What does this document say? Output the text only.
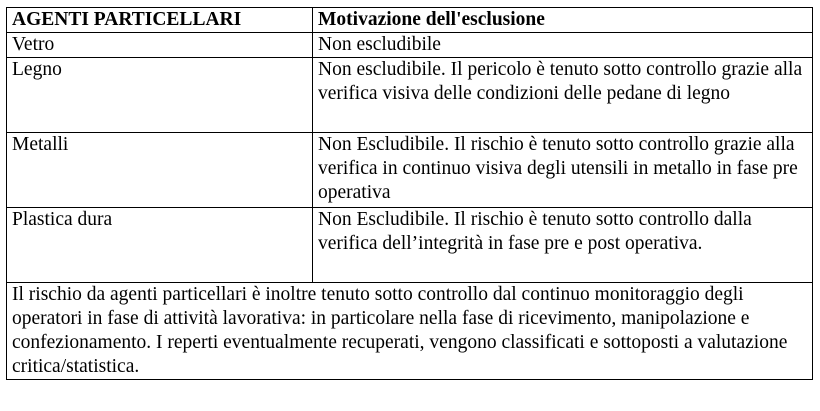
AGENTI PARTICELLARI	Motivazione dell'esclusione
Vetro	Non escludibile
Legno	Non escludibile. Il pericolo è tenuto sotto controllo grazie alla verifica visiva delle condizioni delle pedane di legno
Metalli	Non Escludibile. Il rischio è tenuto sotto controllo grazie alla verifica in continuo visiva degli utensili in metallo in fase pre operativa
Plastica dura	Non Escludibile. Il rischio è tenuto sotto controllo dalla verifica dell’integrità in fase pre e post operativa.
Il rischio da agenti particellari è inoltre tenuto sotto controllo dal continuo monitoraggio degli operatori in fase di attività lavorativa: in particolare nella fase di ricevimento, manipolazione e confezionamento. I reperti eventualmente recuperati, vengono classificati e sottoposti a valutazione critica/statistica.	
